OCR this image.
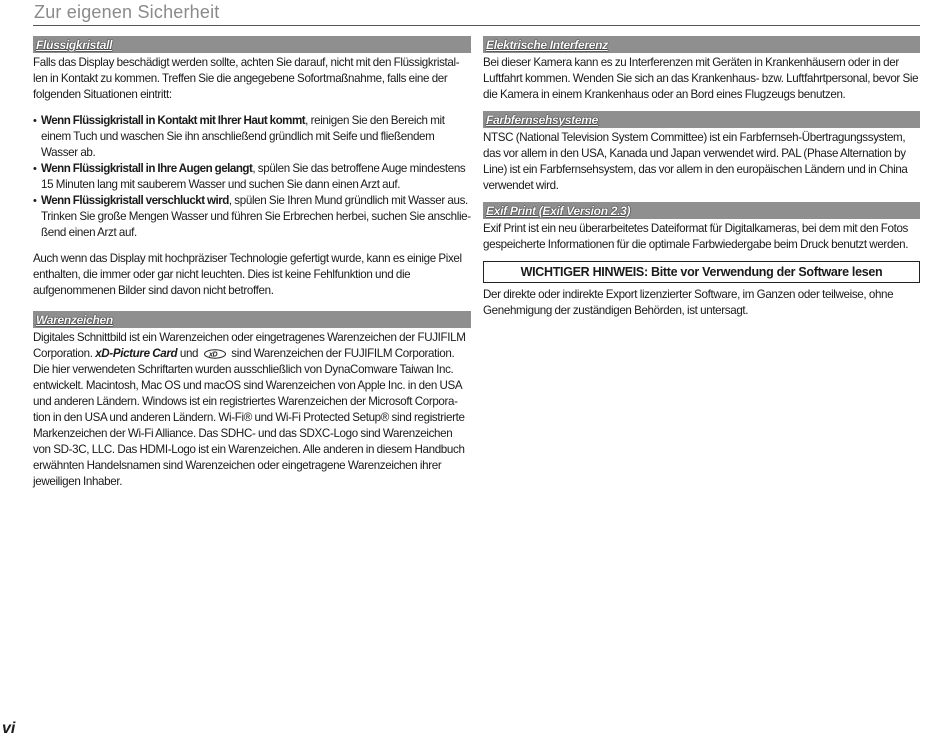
Zur eigenen Sicherheit
Flüssigkristall

Falls das Display beschädigt werden sollte, achten Sie darauf, nicht mit den Flüssigkristal-len in Kontakt zu kommen. Treffen Sie die angegebene Sofortmaßnahme, falls eine der folgenden Situationen eintritt:

• Wenn Flüssigkristall in Kontakt mit Ihrer Haut kommt, reinigen Sie den Bereich mit einem Tuch und waschen Sie ihn anschließend gründlich mit Seife und fließendem Wasser ab.
• Wenn Flüssigkristall in Ihre Augen gelangt, spülen Sie das betroffene Auge mindestens 15 Minuten lang mit sauberem Wasser und suchen Sie dann einen Arzt auf.
• Wenn Flüssigkristall verschluckt wird, spülen Sie Ihren Mund gründlich mit Wasser aus. Trinken Sie große Mengen Wasser und führen Sie Erbrechen herbei, suchen Sie anschlie-ßend einen Arzt auf.

Auch wenn das Display mit hochpräziser Technologie gefertigt wurde, kann es einige Pixel enthalten, die immer oder gar nicht leuchten. Dies ist keine Fehlfunktion und die aufgenommenen Bilder sind davon nicht betroffen.

Warenzeichen

Digitales Schnittbild ist ein Warenzeichen oder eingetragenes Warenzeichen der FUJIFILM Corporation. xD-Picture Card und xD sind Warenzeichen der FUJIFILM Corporation. Die hier verwendeten Schriftarten wurden ausschließlich von DynaComware Taiwan Inc. entwickelt. Macintosh, Mac OS und macOS sind Warenzeichen von Apple Inc. in den USA und anderen Ländern. Windows ist ein registriertes Warenzeichen der Microsoft Corpora-tion in den USA und anderen Ländern. Wi-Fi® und Wi-Fi Protected Setup® sind registrierte Markenzeichen der Wi-Fi Alliance. Das SDHC- und das SDXC-Logo sind Warenzeichen von SD-3C, LLC. Das HDMI-Logo ist ein Warenzeichen. Alle anderen in diesem Handbuch erwähnten Handelsnamen sind Warenzeichen oder eingetragene Warenzeichen ihrer jeweiligen Inhaber.

Elektrische Interferenz

Bei dieser Kamera kann es zu Interferenzen mit Geräten in Krankenhäusern oder in der Luftfahrt kommen. Wenden Sie sich an das Krankenhaus- bzw. Luftfahrtpersonal, bevor Sie die Kamera in einem Krankenhaus oder an Bord eines Flugzeugs benutzen.

Farbfernsehsysteme

NTSC (National Television System Committee) ist ein Farbfernseh-Übertragungssystem, das vor allem in den USA, Kanada und Japan verwendet wird. PAL (Phase Alternation by Line) ist ein Farbfernsehsystem, das vor allem in den europäischen Ländern und in China verwendet wird.

Exif Print (Exif Version 2.3)

Exif Print ist ein neu überarbeitetes Dateiformat für Digitalkameras, bei dem mit den Fotos gespeicherte Informationen für die optimale Farbwiedergabe beim Druck benutzt werden.

WICHTIGER HINWEIS: Bitte vor Verwendung der Software lesen

Der direkte oder indirekte Export lizenzierter Software, im Ganzen oder teilweise, ohne Genehmigung der zuständigen Behörden, ist untersagt.

vi
